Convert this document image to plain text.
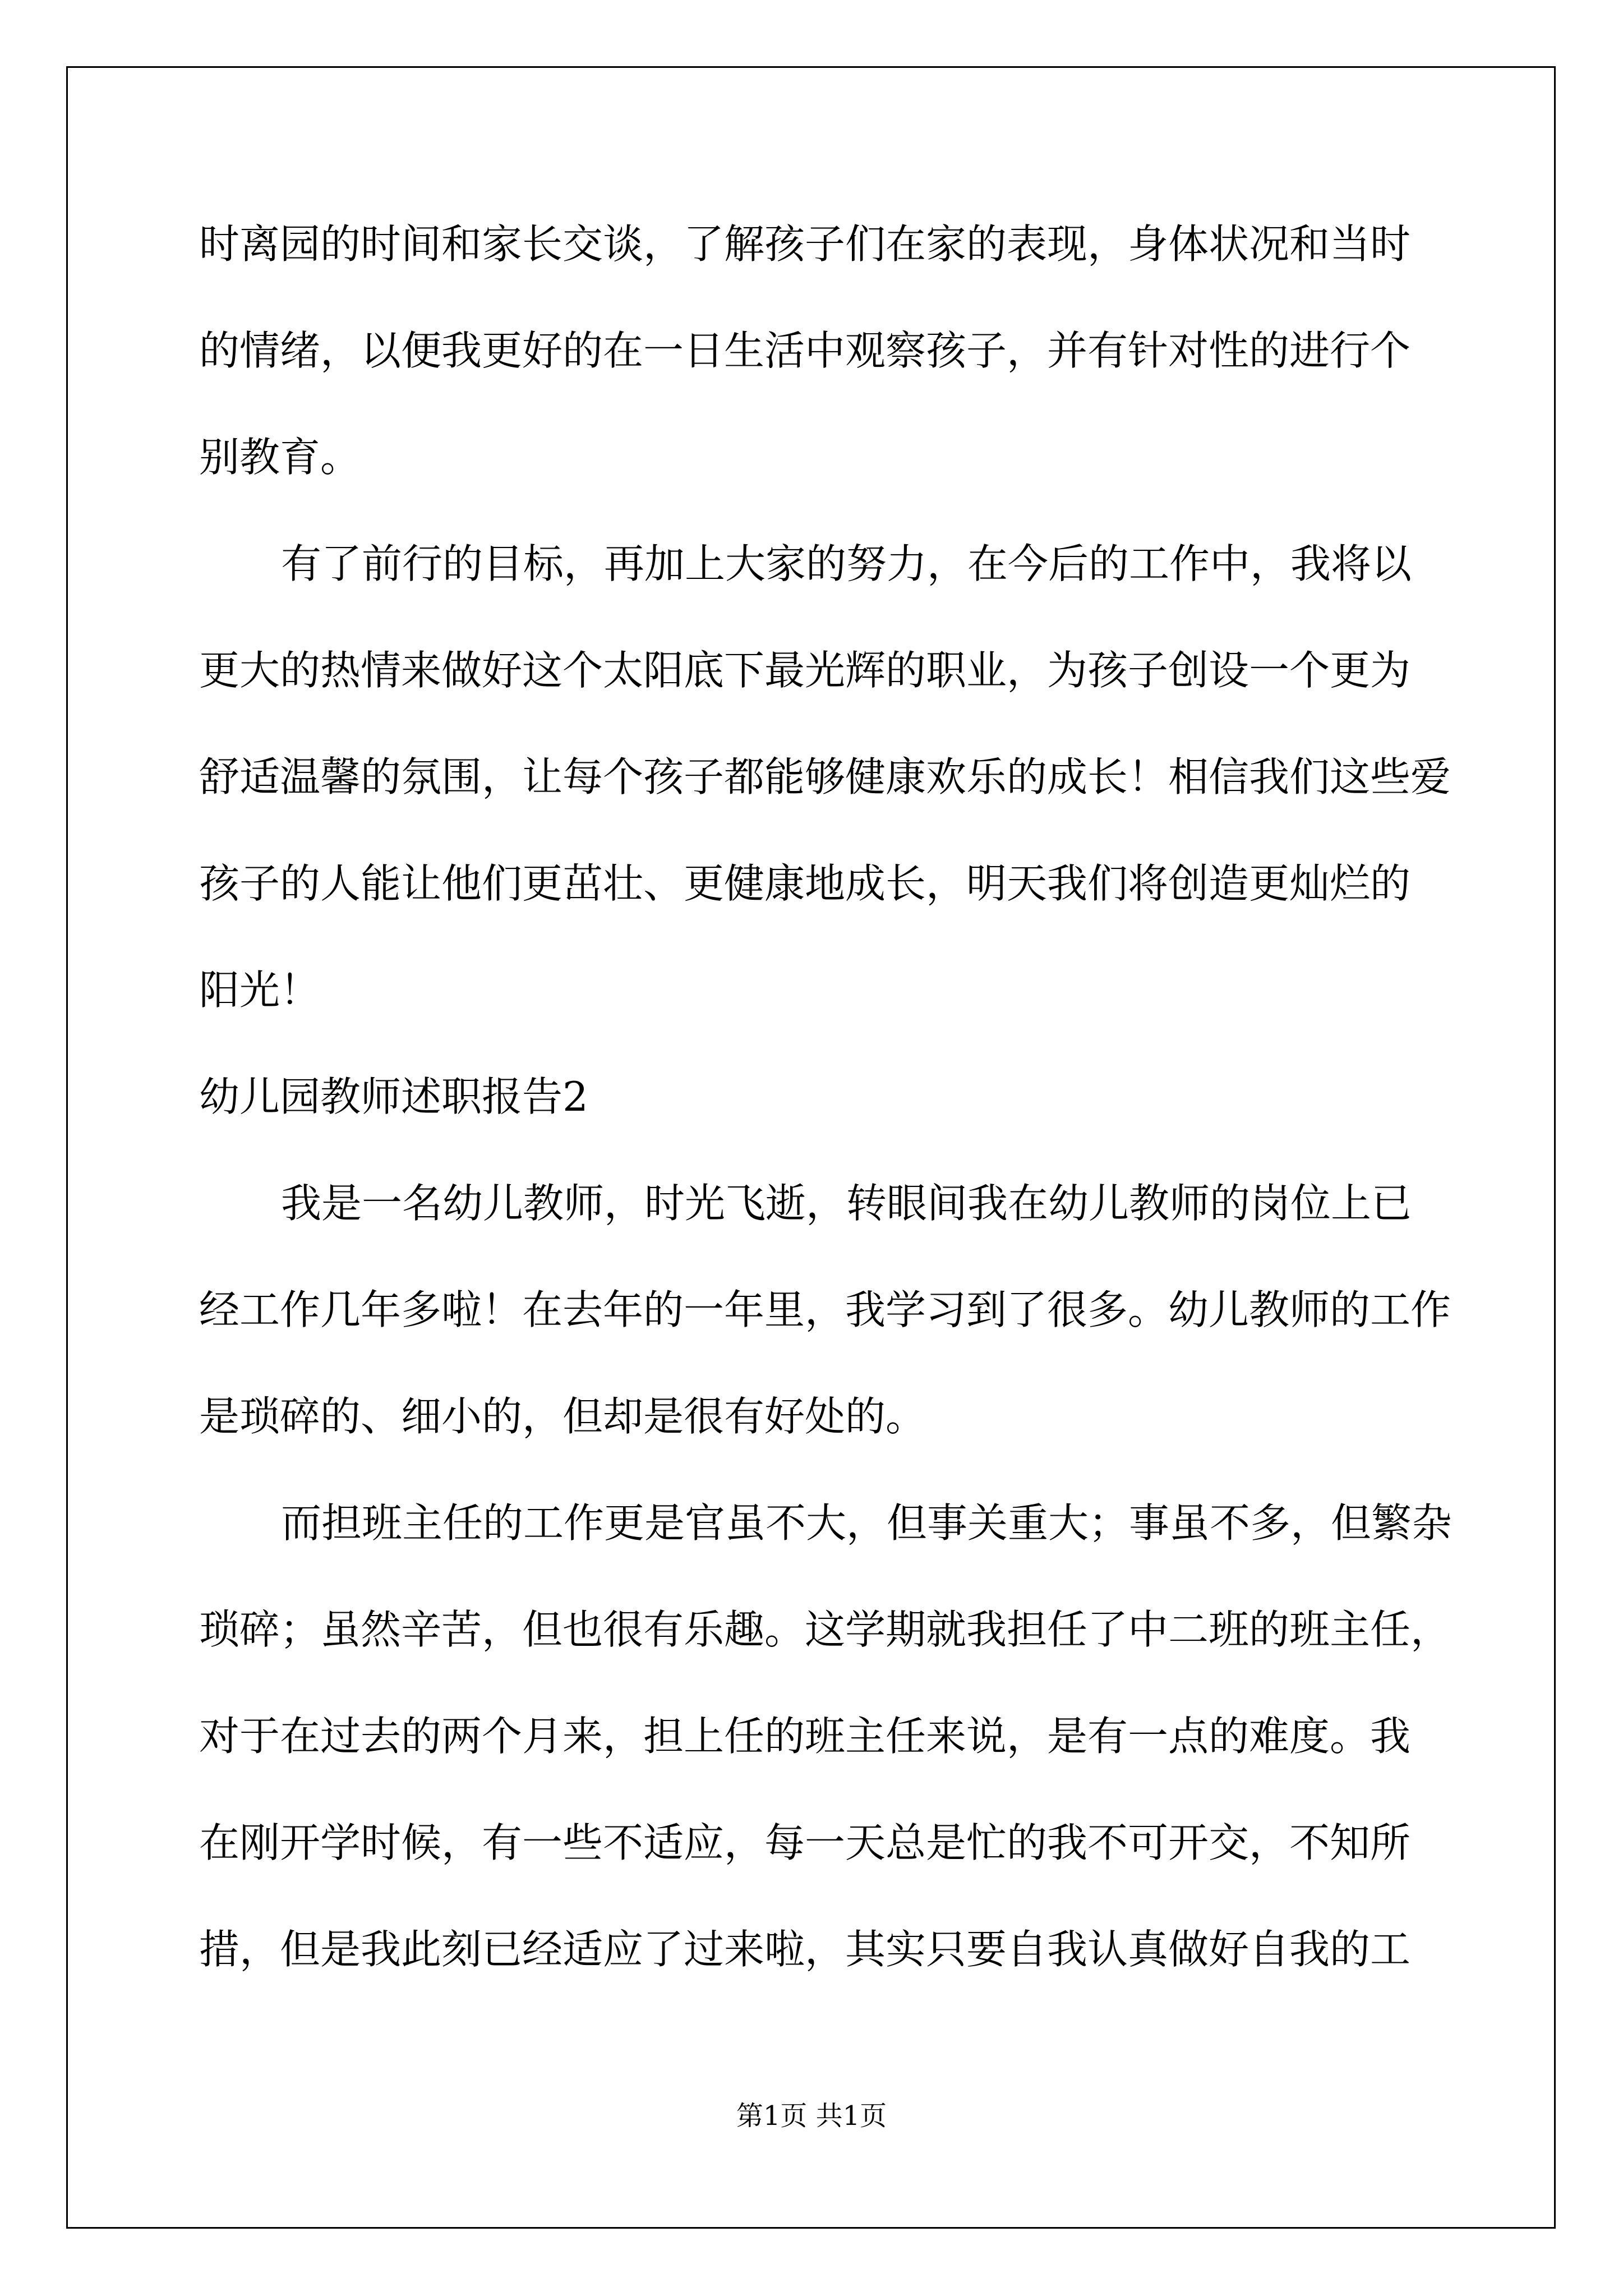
时离园的时间和家长交谈，了解孩子们在家的表现，身体状况和当时
的情绪，以便我更好的在一日生活中观察孩子，并有针对性的进行个
别教育。
有了前行的目标，再加上大家的努力，在今后的工作中，我将以
更大的热情来做好这个太阳底下最光辉的职业，为孩子创设一个更为
舒适温馨的氛围，让每个孩子都能够健康欢乐的成长！相信我们这些爱
孩子的人能让他们更茁壮、更健康地成长，明天我们将创造更灿烂的
阳光！
幼儿园教师述职报告2
我是一名幼儿教师，时光飞逝，转眼间我在幼儿教师的岗位上已
经工作几年多啦！在去年的一年里，我学习到了很多。幼儿教师的工作
是琐碎的、细小的，但却是很有好处的。
而担班主任的工作更是官虽不大，但事关重大；事虽不多，但繁杂
琐碎；虽然辛苦，但也很有乐趣。这学期就我担任了中二班的班主任，
对于在过去的两个月来，担上任的班主任来说，是有一点的难度。我
在刚开学时候，有一些不适应，每一天总是忙的我不可开交，不知所
措，但是我此刻已经适应了过来啦，其实只要自我认真做好自我的工
第1页 共1页
